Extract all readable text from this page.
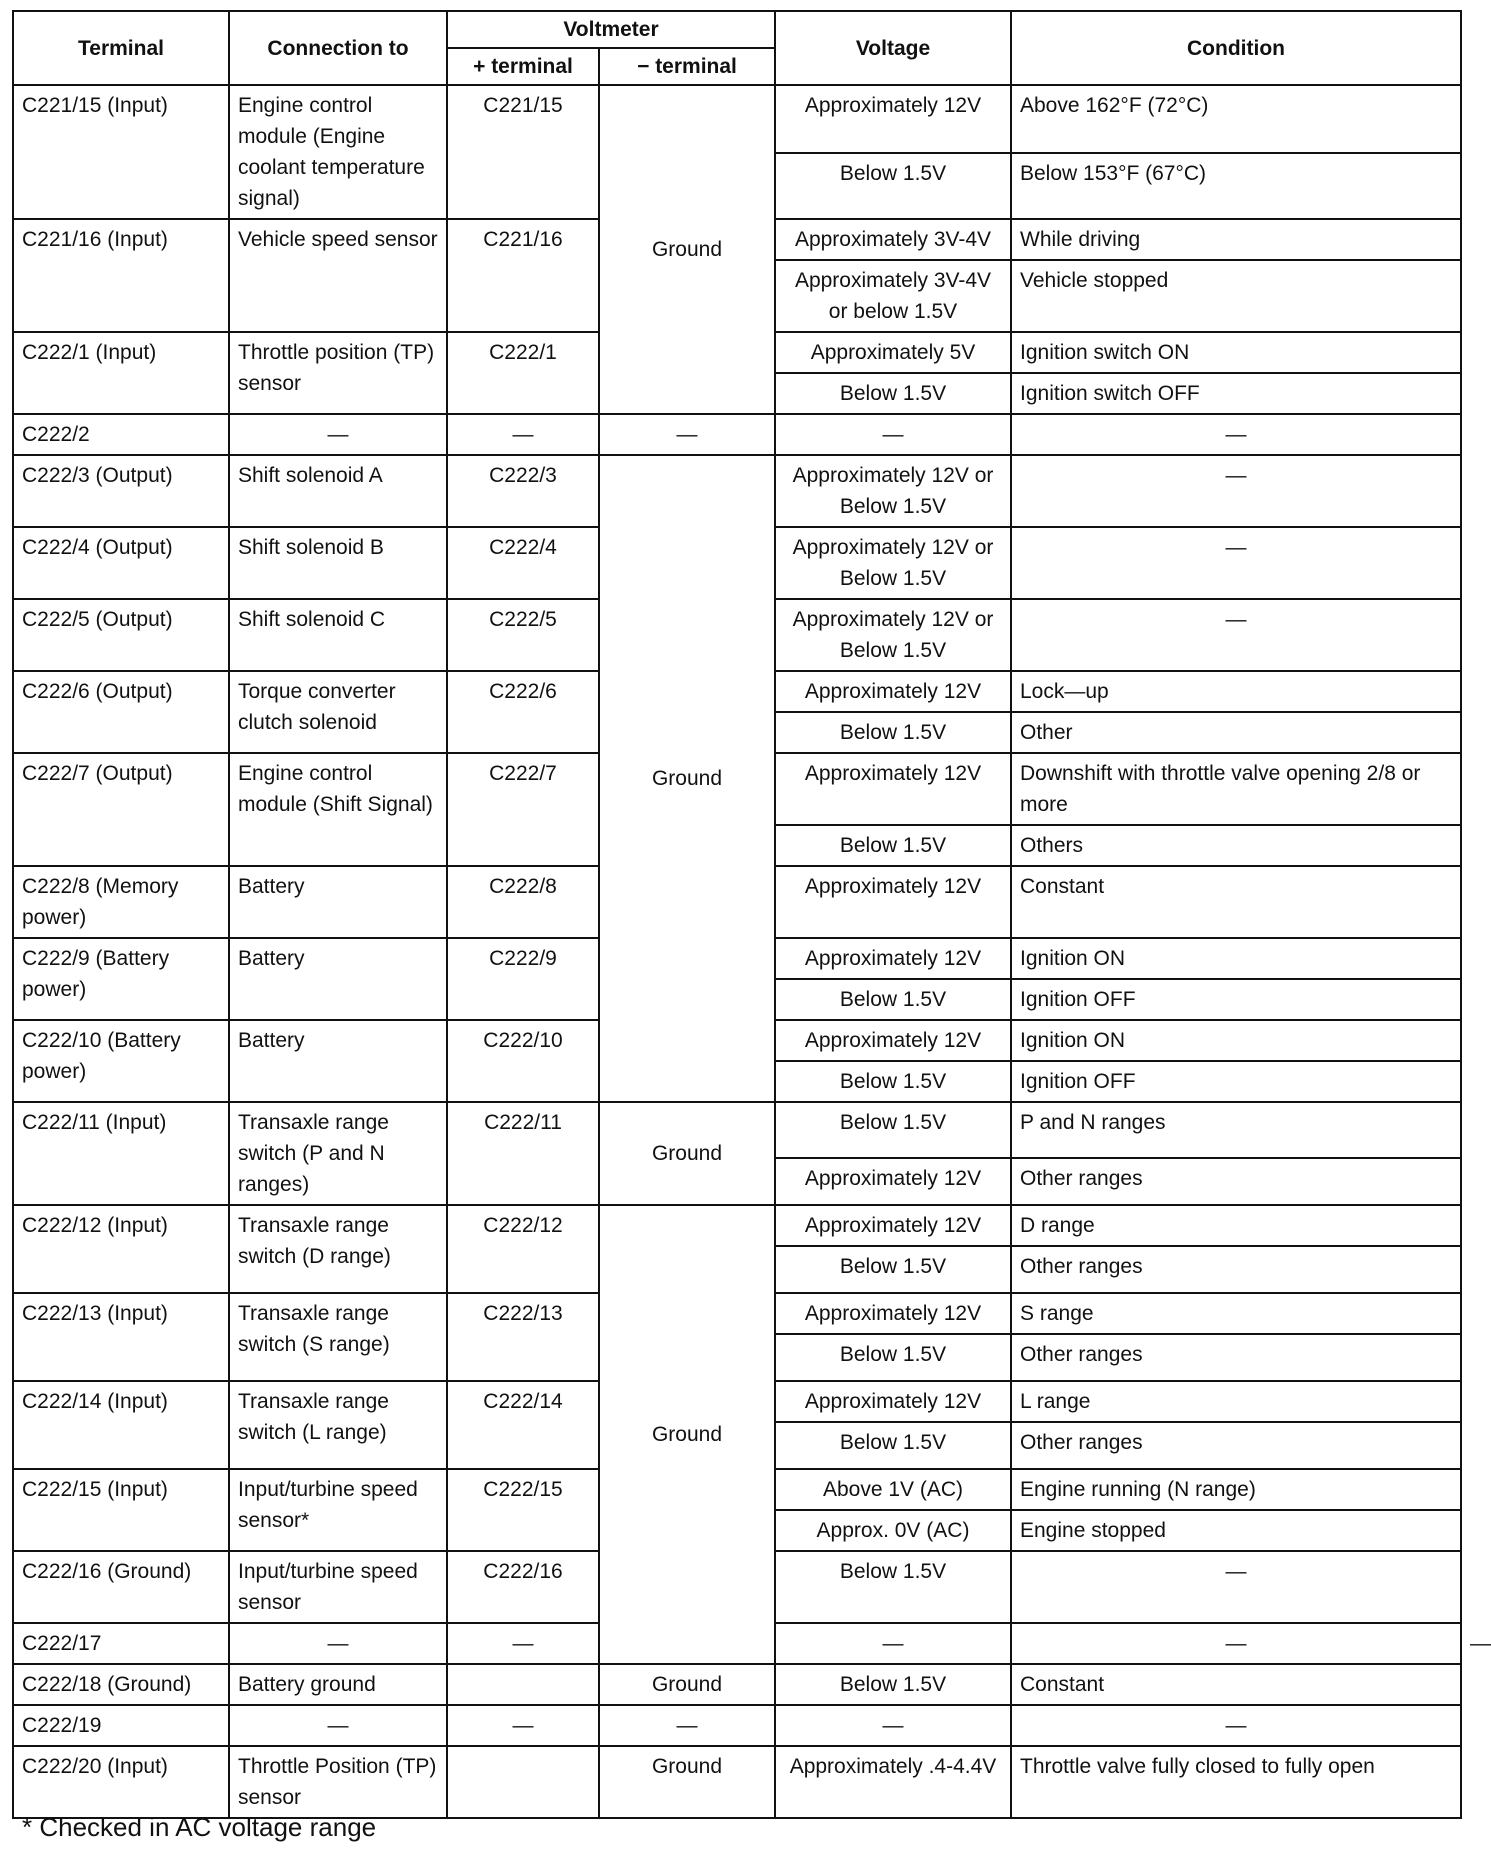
Terminal	Connection to	Voltmeter		Voltage	Condition	
		+ terminal	− terminal			
C221/15 (Input)	Engine control module (Engine coolant temperature signal)	C221/15	Ground	Approximately 12V	Above 162°F (72°C)	
				Below 1.5V	Below 153°F (67°C)	
C221/16 (Input)	Vehicle speed sensor	C221/16		Approximately 3V-4V	While driving	
				Approximately 3V-4V or below 1.5V	Vehicle stopped	
C222/1 (Input)	Throttle position (TP) sensor	C222/1		Approximately 5V	Ignition switch ON	
				Below 1.5V	Ignition switch OFF	
C222/2	—	—	—	—	—	
C222/3 (Output)	Shift solenoid A	C222/3	Ground	Approximately 12V or Below 1.5V	—	
C222/4 (Output)	Shift solenoid B	C222/4		Approximately 12V or Below 1.5V	—	
C222/5 (Output)	Shift solenoid C	C222/5		Approximately 12V or Below 1.5V	—	
C222/6 (Output)	Torque converter clutch solenoid	C222/6		Approximately 12V	Lock—up	
				Below 1.5V	Other	
C222/7 (Output)	Engine control module (Shift Signal)	C222/7		Approximately 12V	Downshift with throttle valve opening 2/8 or more	
				Below 1.5V	Others	
C222/8 (Memory power)	Battery	C222/8		Approximately 12V	Constant	
C222/9 (Battery power)	Battery	C222/9		Approximately 12V	Ignition ON	
				Below 1.5V	Ignition OFF	
C222/10 (Battery power)	Battery	C222/10		Approximately 12V	Ignition ON	
				Below 1.5V	Ignition OFF	
C222/11 (Input)	Transaxle range switch (P and N ranges)	C222/11	Ground	Below 1.5V	P and N ranges	
				Approximately 12V	Other ranges	
C222/12 (Input)	Transaxle range switch (D range)	C222/12	Ground	Approximately 12V	D range	
				Below 1.5V	Other ranges	
C222/13 (Input)	Transaxle range switch (S range)	C222/13		Approximately 12V	S range	
				Below 1.5V	Other ranges	
C222/14 (Input)	Transaxle range switch (L range)	C222/14		Approximately 12V	L range	
				Below 1.5V	Other ranges	
C222/15 (Input)	Input/turbine speed sensor*	C222/15		Above 1V (AC)	Engine running (N range)	
				Approx. 0V (AC)	Engine stopped	
C222/16 (Ground)	Input/turbine speed sensor	C222/16		Below 1.5V	—	
C222/17	—	—		—	—	—
C222/18 (Ground)	Battery ground		Ground	Below 1.5V	Constant	
C222/19	—	—	—	—	—	
C222/20 (Input)	Throttle Position (TP) sensor		Ground	Approximately .4-4.4V	Throttle valve fully closed to fully open	
* Checked in AC voltage range
